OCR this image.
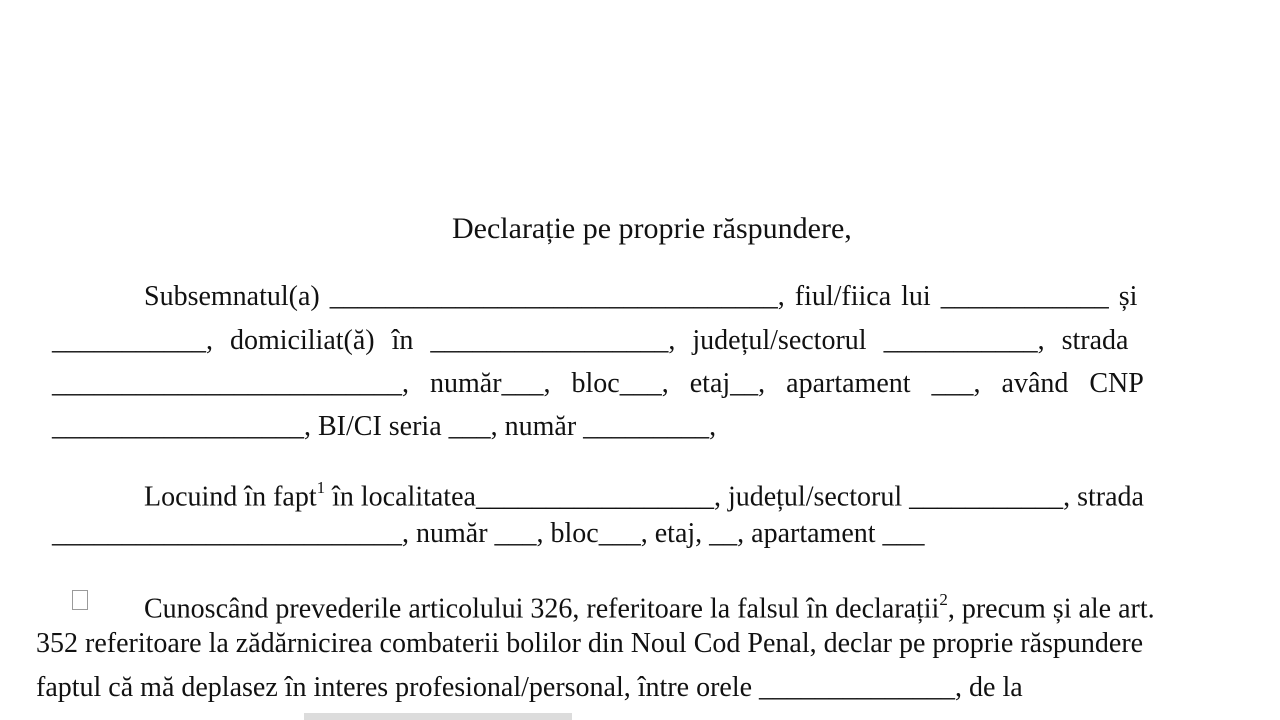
Declarație pe proprie răspundere,
Subsemnatul(a) ________________________________, fiul/fiica lui ____________ și
___________, domiciliat(ă) în _________________, județul/sectorul ___________, strada
_________________________, număr___, bloc___, etaj__, apartament ___, având CNP
__________________, BI/CI seria ___, număr _________,
Locuind în fapt$^1$ în localitatea_________________, județul/sectorul ___________, strada
_________________________, număr ___, bloc___, etaj, __, apartament ___
Cunoscând prevederile articolului 326, referitoare la falsul în declarații$^2$, precum și ale art.
352 referitoare la zădărnicirea combaterii bolilor din Noul Cod Penal, declar pe proprie răspundere
faptul că mă deplasez în interes profesional/personal, între orele ______________, de la
